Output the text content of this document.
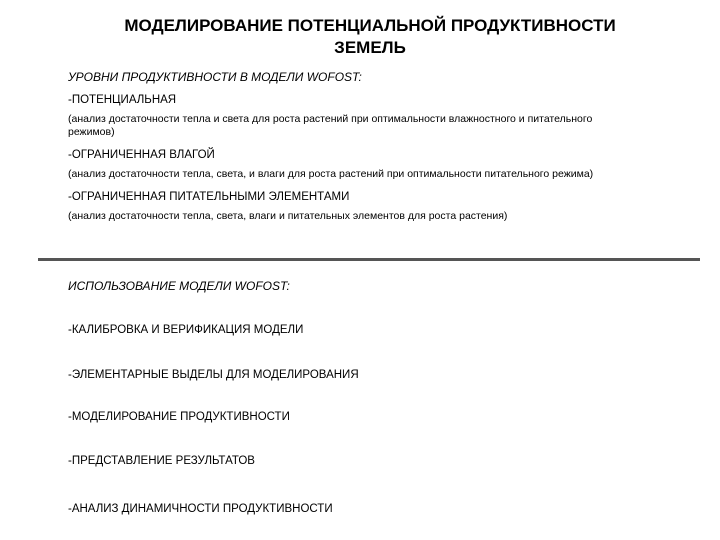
МОДЕЛИРОВАНИЕ ПОТЕНЦИАЛЬНОЙ ПРОДУКТИВНОСТИ
ЗЕМЕЛЬ
УРОВНИ ПРОДУКТИВНОСТИ В МОДЕЛИ WOFOST:
-ПОТЕНЦИАЛЬНАЯ
(анализ достаточности тепла и света для роста растений при оптимальности влажностного и питательного режимов)
-ОГРАНИЧЕННАЯ ВЛАГОЙ
(анализ достаточности тепла, света, и влаги для роста растений при оптимальности питательного режима)
-ОГРАНИЧЕННАЯ ПИТАТЕЛЬНЫМИ ЭЛЕМЕНТАМИ
(анализ достаточности тепла, света, влаги и питательных элементов для роста растения)
ИСПОЛЬЗОВАНИЕ МОДЕЛИ WOFOST:
-КАЛИБРОВКА И ВЕРИФИКАЦИЯ МОДЕЛИ
-ЭЛЕМЕНТАРНЫЕ ВЫДЕЛЫ ДЛЯ МОДЕЛИРОВАНИЯ
-МОДЕЛИРОВАНИЕ ПРОДУКТИВНОСТИ
-ПРЕДСТАВЛЕНИЕ РЕЗУЛЬТАТОВ
-АНАЛИЗ ДИНАМИЧНОСТИ ПРОДУКТИВНОСТИ
